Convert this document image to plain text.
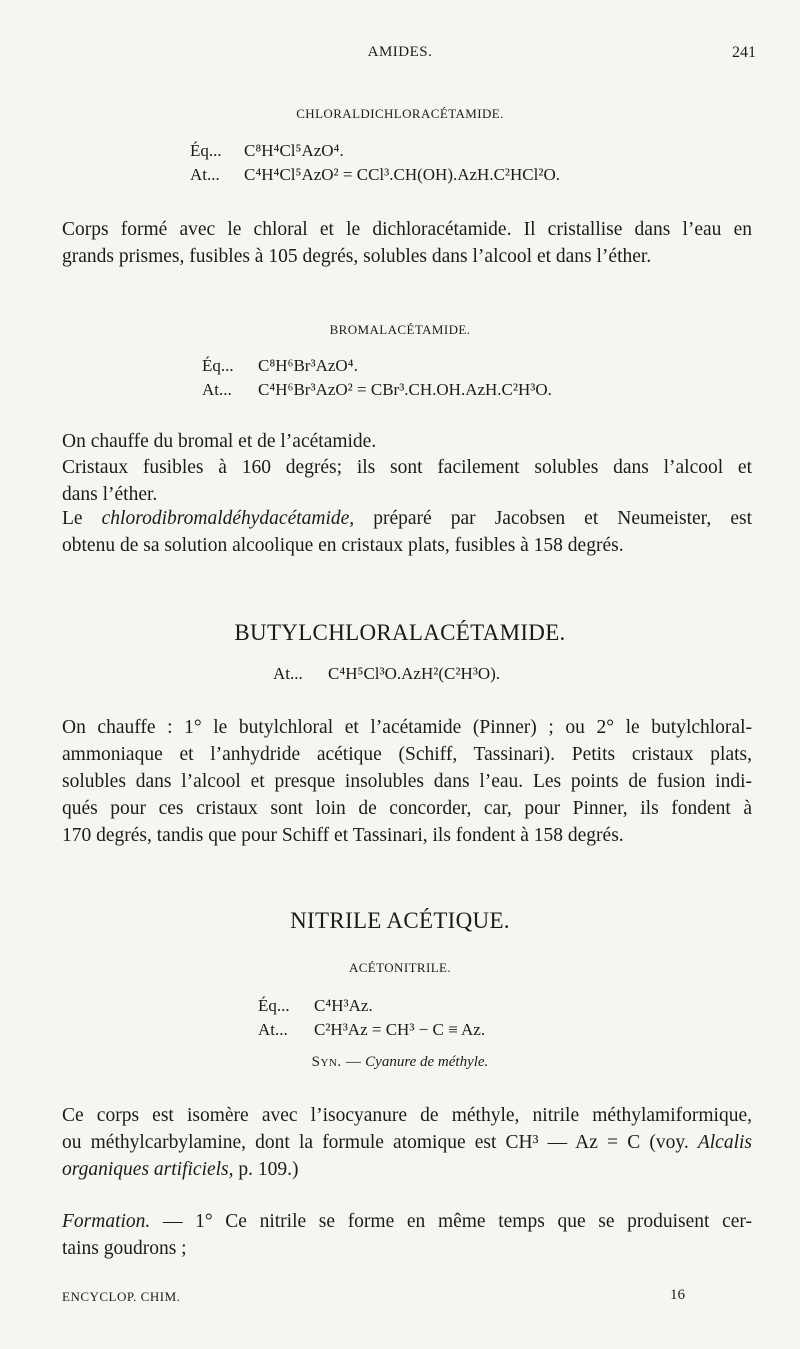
AMIDES.	241
CHLORALDICHLORACÉTAMIDE.
Éq... C⁸H⁴Cl⁵AzO⁴.
At... C⁴H⁴Cl⁵AzO² = CCl³.CH(OH).AzH.C²HCl²O.
Corps formé avec le chloral et le dichloracétamide. Il cristallise dans l’eau en
grands prismes, fusibles à 105 degrés, solubles dans l’alcool et dans l’éther.
BROMALACÉTAMIDE.
Éq... C⁸H⁶Br³AzO⁴.
At... C⁴H⁶Br³AzO² = CBr³.CH.OH.AzH.C²H³O.
On chauffe du bromal et de l’acétamide.
Cristaux fusibles à 160 degrés; ils sont facilement solubles dans l’alcool et
dans l’éther.
Le chlorodibromaldéhydacétamide, préparé par Jacobsen et Neumeister, est
obtenu de sa solution alcoolique en cristaux plats, fusibles à 158 degrés.
BUTYLCHLORALACÉTAMIDE.
At... C⁴H⁵Cl³O.AzH²(C²H³O).
On chauffe : 1° le butylchloral et l’acétamide (Pinner) ; ou 2° le butylchloral-
ammoniaque et l’anhydride acétique (Schiff, Tassinari). Petits cristaux plats,
solubles dans l’alcool et presque insolubles dans l’eau. Les points de fusion indi-
qués pour ces cristaux sont loin de concorder, car, pour Pinner, ils fondent à
170 degrés, tandis que pour Schiff et Tassinari, ils fondent à 158 degrés.
NITRILE ACÉTIQUE.
ACÉTONITRILE.
Éq... C⁴H³Az.
At... C²H³Az = CH³ − C ≡ Az.
Syn. — Cyanure de méthyle.
Ce corps est isomère avec l’isocyanure de méthyle, nitrile méthylamiformique,
ou méthylcarbylamine, dont la formule atomique est CH³ — Az = C (voy. Alcalis
organiques artificiels, p. 109.)
Formation. — 1° Ce nitrile se forme en même temps que se produisent cer-
tains goudrons ;
ENCYCLOP. CHIM.	16
